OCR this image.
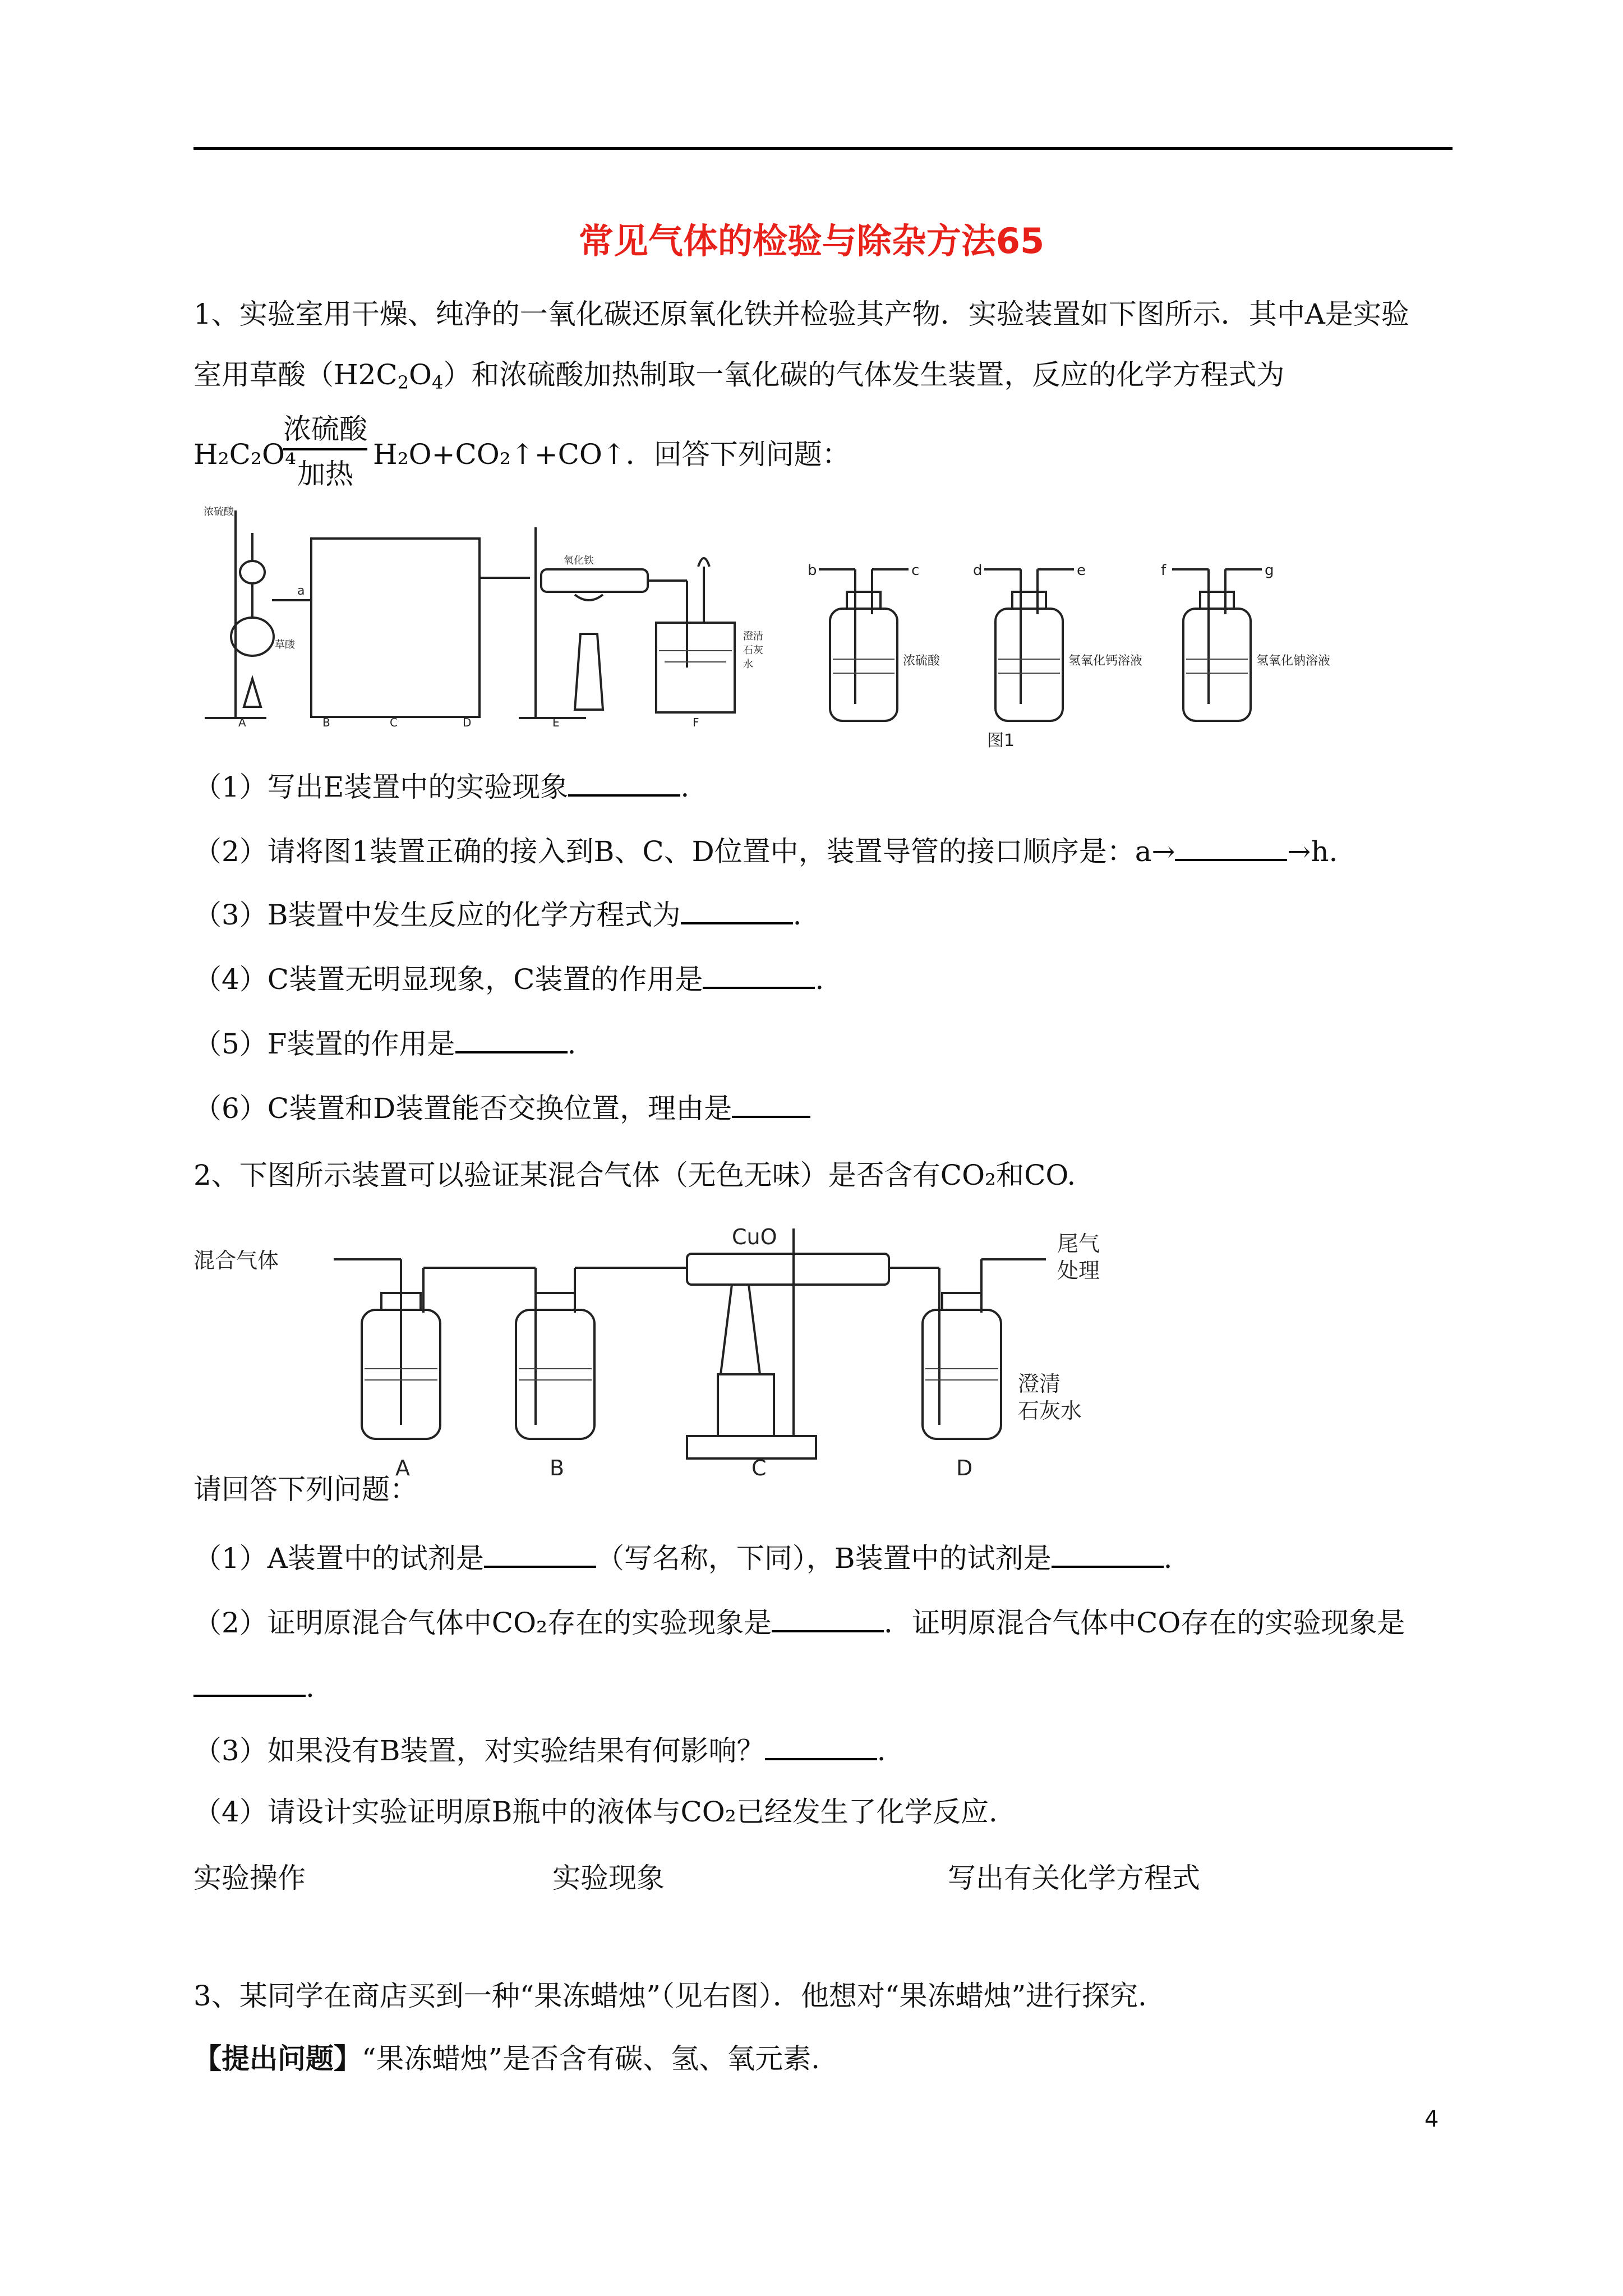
常见气体的检验与除杂方法65
1、实验室用干燥、纯净的一氧化碳还原氧化铁并检验其产物．实验装置如下图所示．其中A是实验
室用草酸$(H2C_2O_4)$和浓硫酸加热制取一氧化碳的气体发生装置，反应的化学方程式为
H₂C₂O₄
浓硫酸
加热
H₂O+CO₂↑+CO↑．回答下列问题：
浓硫酸
草酸
氧化铁
澄清
石灰
水
a
A	B	C	D	E	F
b	c	d	e	f	g
浓硫酸	氢氧化钙溶液	氢氧化钠溶液
图1
（1）写出E装置中的实验现象	.
（2）请将图1装置正确的接入到B、C、D位置中，装置导管的接口顺序是：a→	→h.
（3）B装置中发生反应的化学方程式为	.
（4）C装置无明显现象，C装置的作用是	.
（5）F装置的作用是	.
（6）C装置和D装置能否交换位置，理由是
2、下图所示装置可以验证某混合气体（无色无味）是否含有CO₂和CO.
混合气体
CuO	尾气
处理
澄清
石灰水
A	B	C	D
请回答下列问题：
（1）A装置中的试剂是	（写名称，下同），B装置中的试剂是	.
（2）证明原混合气体中CO₂存在的实验现象是	．证明原混合气体中CO存在的实验现象是
.
（3）如果没有B装置，对实验结果有何影响？	.
（4）请设计实验证明原B瓶中的液体与CO₂已经发生了化学反应.
实验操作	实验现象	写出有关化学方程式
3、某同学在商店买到一种“果冻蜡烛”（见右图）．他想对“果冻蜡烛”进行探究.
【提出问题】“果冻蜡烛”是否含有碳、氢、氧元素.
4
